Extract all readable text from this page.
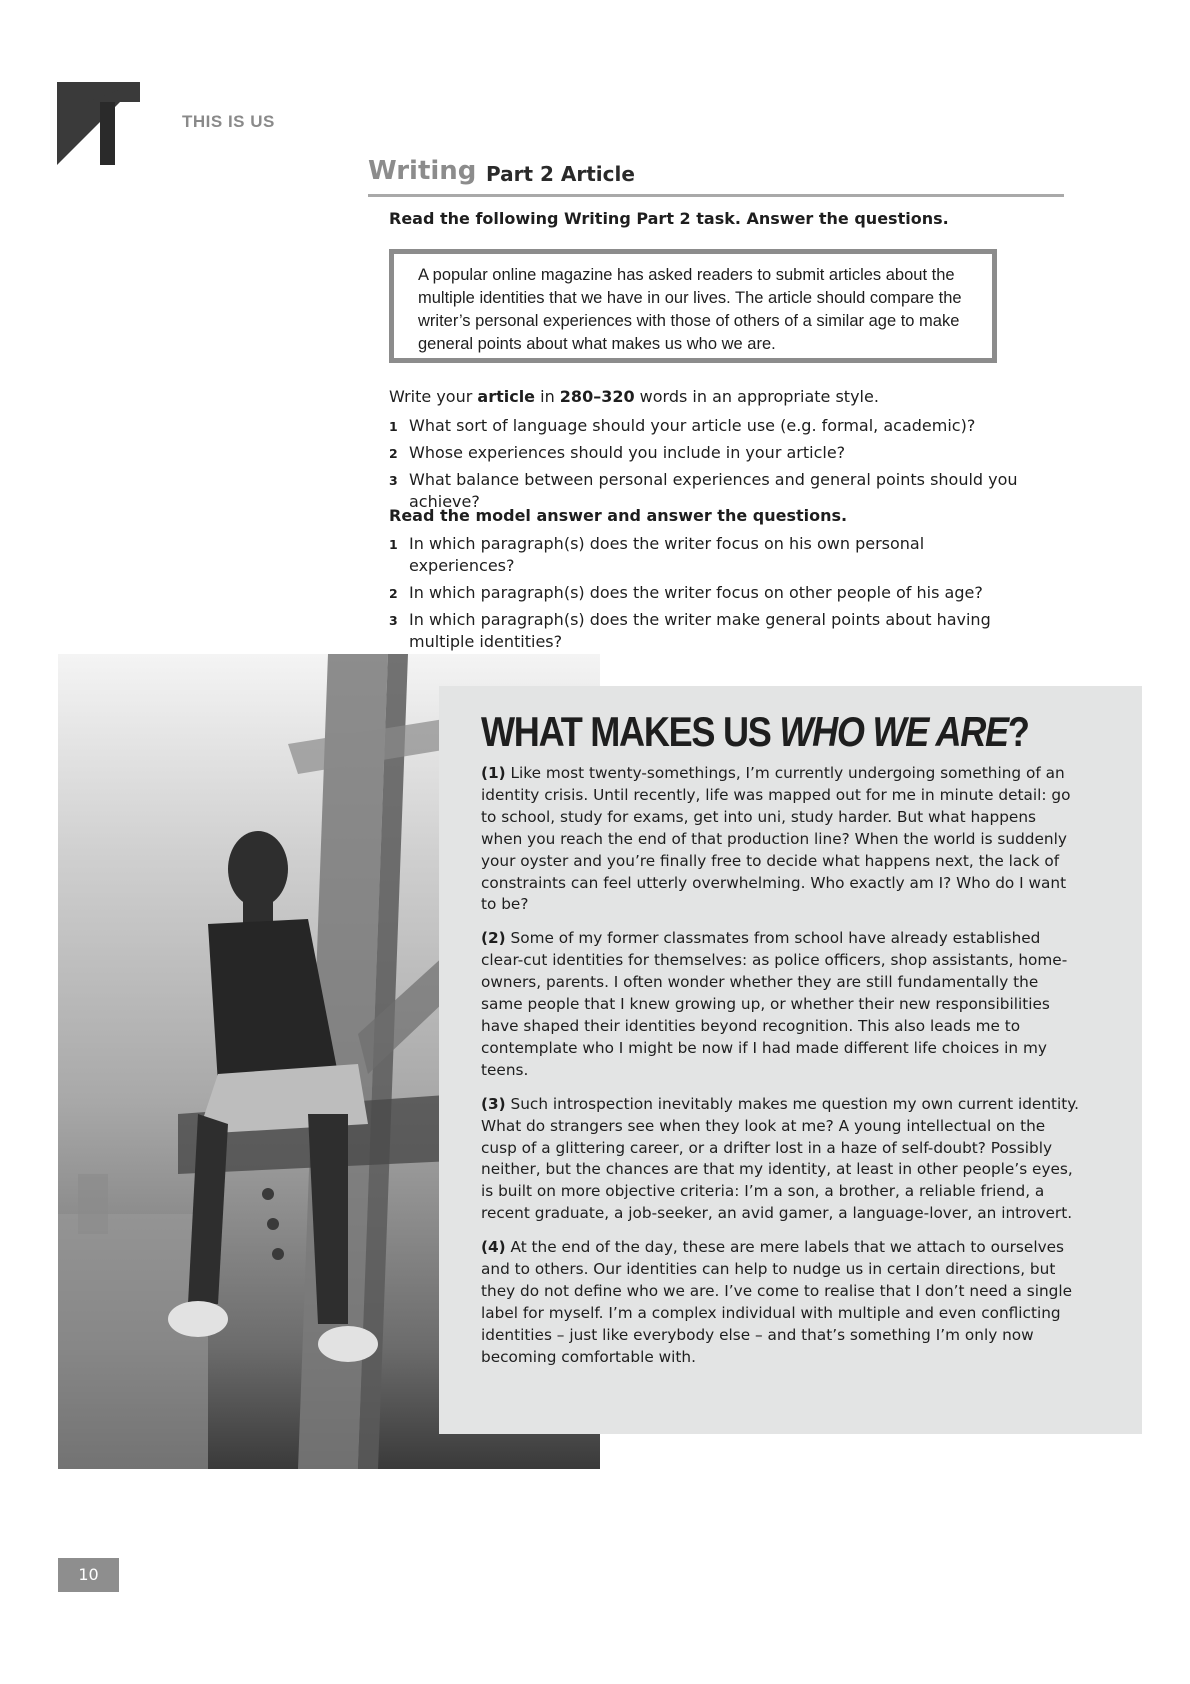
THIS IS US
Writing Part 2 Article
Read the following Writing Part 2 task. Answer the questions.

A popular online magazine has asked readers to submit articles about the multiple identities that we have in our lives. The article should compare the writer’s personal experiences with those of others of a similar age to make general points about what makes us who we are.

Write your article in 280–320 words in an appropriate style.
1 What sort of language should your article use (e.g. formal, academic)?
2 Whose experiences should you include in your article?
3 What balance between personal experiences and general points should you achieve?
Read the model answer and answer the questions.
1 In which paragraph(s) does the writer focus on his own personal experiences?
2 In which paragraph(s) does the writer focus on other people of his age?
3 In which paragraph(s) does the writer make general points about having multiple identities?
WHAT MAKES US WHO WE ARE?

(1) Like most twenty-somethings, I’m currently undergoing something of an identity crisis. Until recently, life was mapped out for me in minute detail: go to school, study for exams, get into uni, study harder. But what happens when you reach the end of that production line? When the world is suddenly your oyster and you’re finally free to decide what happens next, the lack of constraints can feel utterly overwhelming. Who exactly am I? Who do I want to be?

(2) Some of my former classmates from school have already established clear-cut identities for themselves: as police officers, shop assistants, home-owners, parents. I often wonder whether they are still fundamentally the same people that I knew growing up, or whether their new responsibilities have shaped their identities beyond recognition. This also leads me to contemplate who I might be now if I had made different life choices in my teens.

(3) Such introspection inevitably makes me question my own current identity. What do strangers see when they look at me? A young intellectual on the cusp of a glittering career, or a drifter lost in a haze of self-doubt? Possibly neither, but the chances are that my identity, at least in other people’s eyes, is built on more objective criteria: I’m a son, a brother, a reliable friend, a recent graduate, a job-seeker, an avid gamer, a language-lover, an introvert.

(4) At the end of the day, these are mere labels that we attach to ourselves and to others. Our identities can help to nudge us in certain directions, but they do not define who we are. I’ve come to realise that I don’t need a single label for myself. I’m a complex individual with multiple and even conflicting identities – just like everybody else – and that’s something I’m only now becoming comfortable with.

10
